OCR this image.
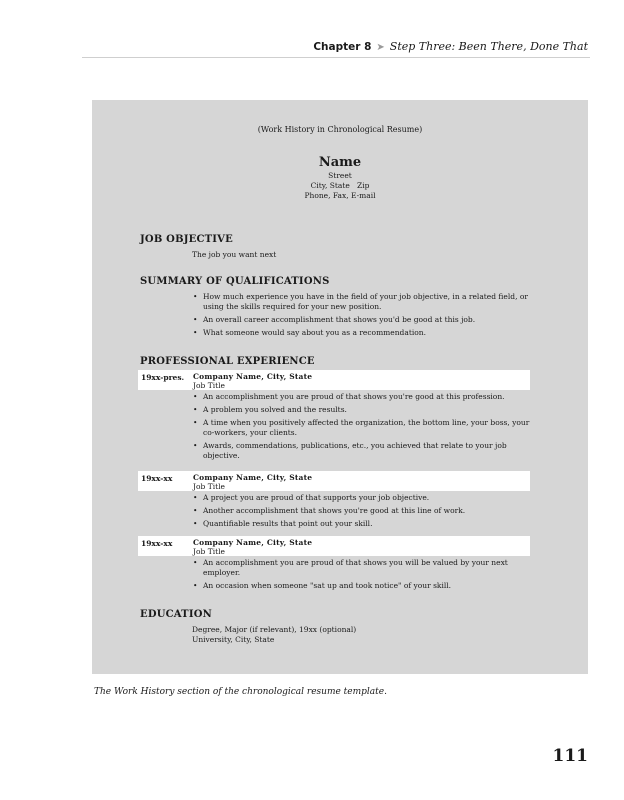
Chapter 8 ➤ Step Three: Been There, Done That
(Work History in Chronological Resume)
Name
Street
City, State   Zip
Phone, Fax, E-mail
JOB OBJECTIVE
The job you want next
SUMMARY OF QUALIFICATIONS
• How much experience you have in the field of your job objective, in a related field, or using the skills required for your new position.
• An overall career accomplishment that shows you'd be good at this job.
• What someone would say about you as a recommendation.
PROFESSIONAL EXPERIENCE
19xx-pres. Company Name, City, State
Job Title
• An accomplishment you are proud of that shows you're good at this profession.
• A problem you solved and the results.
• A time when you positively affected the organization, the bottom line, your boss, your co-workers, your clients.
• Awards, commendations, publications, etc., you achieved that relate to your job objective.
19xx-xx	Company Name, City, State
Job Title
• A project you are proud of that supports your job objective.
• Another accomplishment that shows you're good at this line of work.
• Quantifiable results that point out your skill.
19xx-xx	Company Name, City, State
Job Title
• An accomplishment you are proud of that shows you will be valued by your next employer.
• An occasion when someone "sat up and took notice" of your skill.
EDUCATION
Degree, Major (if relevant), 19xx (optional)
University, City, State
The Work History section of the chronological resume template.
111
